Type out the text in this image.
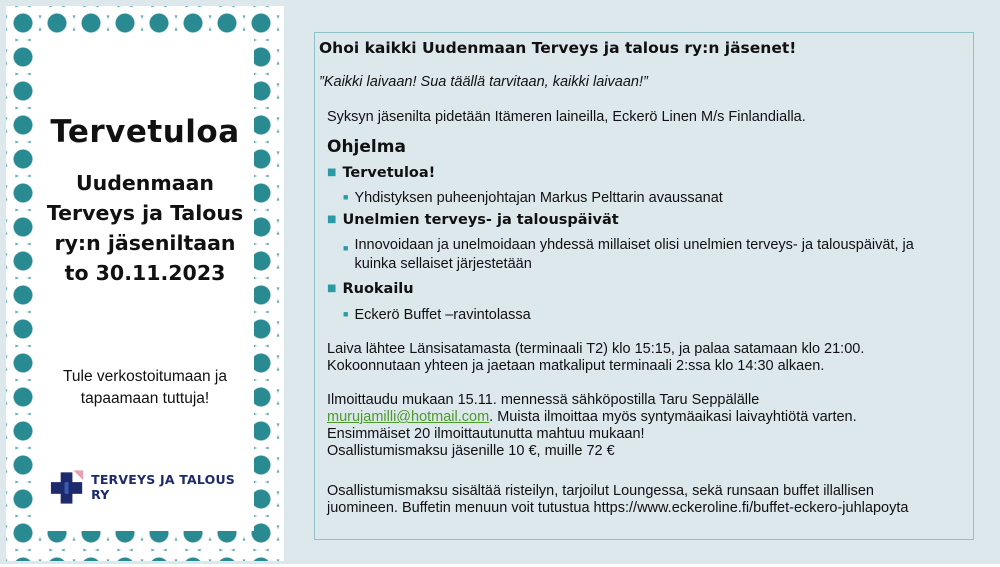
Tervetuloa
Uudenmaan
Terveys ja Talous
ry:n jäseniltaan
to 30.11.2023
Tule verkostoitumaan ja
tapaamaan tuttuja!
TERVEYS JA TALOUS RY
Ohoi kaikki Uudenmaan Terveys ja talous ry:n jäsenet!
”Kaikki laivaan! Sua täällä tarvitaan, kaikki laivaan!”
Syksyn jäsenilta pidetään Itämeren laineilla, Eckerö Linen M/s Finlandialla.
Ohjelma
■ Tervetuloa!
■ Yhdistyksen puheenjohtajan Markus Pelttarin avaussanat
■ Unelmien terveys- ja talouspäivät
■ Innovoidaan ja unelmoidaan yhdessä millaiset olisi unelmien terveys- ja talouspäivät, ja kuinka sellaiset järjestetään
■ Ruokailu
■ Eckerö Buffet –ravintolassa
Laiva lähtee Länsisatamasta (terminaali T2) klo 15:15, ja palaa satamaan klo 21:00.
Kokoonnutaan yhteen ja jaetaan matkaliput terminaali 2:ssa klo 14:30 alkaen.
Ilmoittaudu mukaan 15.11. mennessä sähköpostilla Taru Seppälälle
murujamilli@hotmail.com. Muista ilmoittaa myös syntymäaikasi laivayhtiötä varten.
Ensimmäiset 20 ilmoittautunutta mahtuu mukaan!
Osallistumismaksu jäsenille 10 €, muille 72 €
Osallistumismaksu sisältää risteilyn, tarjoilut Loungessa, sekä runsaan buffet illallisen
juomineen. Buffetin menuun voit tutustua https://www.eckeroline.fi/buffet-eckero-juhlapoyta
